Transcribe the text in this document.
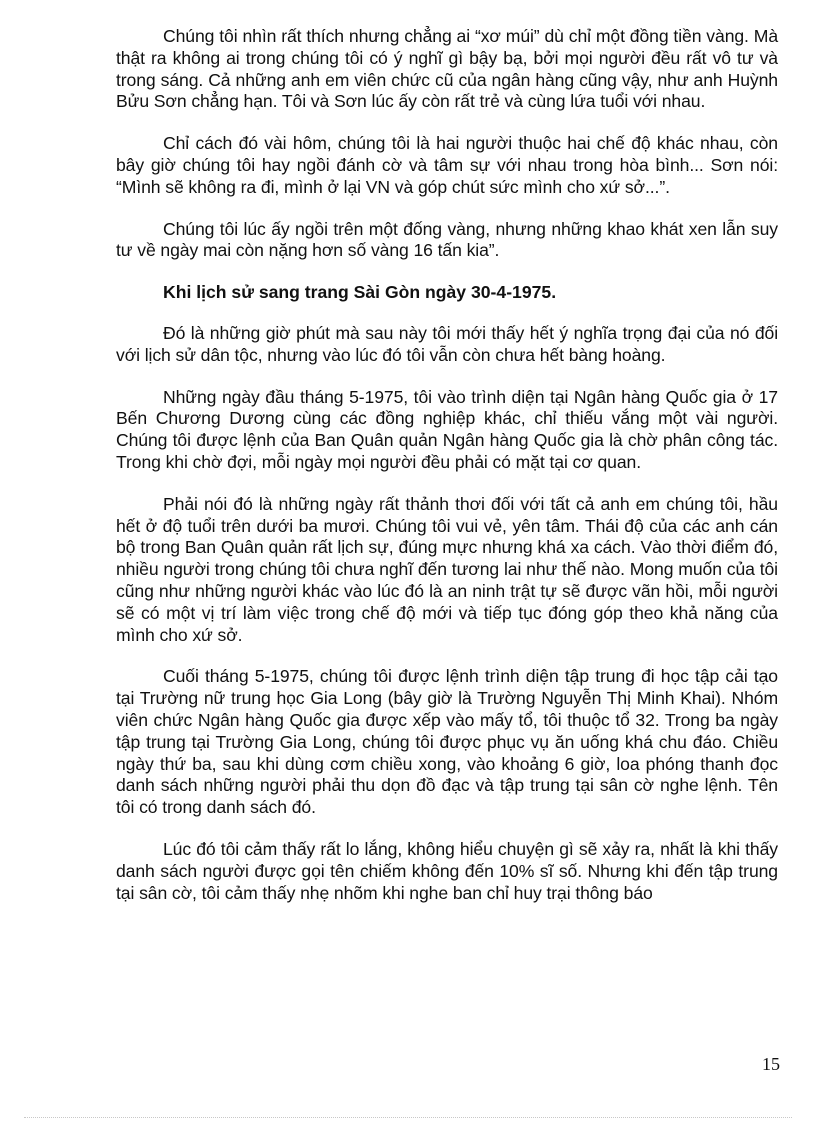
Chúng tôi nhìn rất thích nhưng chẳng ai “xơ múi” dù chỉ một đồng tiền vàng. Mà thật ra không ai trong chúng tôi có ý nghĩ gì bậy bạ, bởi mọi người đều rất vô tư và trong sáng. Cả những anh em viên chức cũ của ngân hàng cũng vậy, như anh Huỳnh Bửu Sơn chẳng hạn. Tôi và Sơn lúc ấy còn rất trẻ và cùng lứa tuổi với nhau.

Chỉ cách đó vài hôm, chúng tôi là hai người thuộc hai chế độ khác nhau, còn bây giờ chúng tôi hay ngồi đánh cờ và tâm sự với nhau trong hòa bình... Sơn nói: “Mình sẽ không ra đi, mình ở lại VN và góp chút sức mình cho xứ sở...”.

Chúng tôi lúc ấy ngồi trên một đống vàng, nhưng những khao khát xen lẫn suy tư về ngày mai còn nặng hơn số vàng 16 tấn kia”.

Khi lịch sử sang trang Sài Gòn ngày 30-4-1975.

Đó là những giờ phút mà sau này tôi mới thấy hết ý nghĩa trọng đại của nó đối với lịch sử dân tộc, nhưng vào lúc đó tôi vẫn còn chưa hết bàng hoàng.

Những ngày đầu tháng 5-1975, tôi vào trình diện tại Ngân hàng Quốc gia ở 17 Bến Chương Dương cùng các đồng nghiệp khác, chỉ thiếu vắng một vài người. Chúng tôi được lệnh của Ban Quân quản Ngân hàng Quốc gia là chờ phân công tác. Trong khi chờ đợi, mỗi ngày mọi người đều phải có mặt tại cơ quan.

Phải nói đó là những ngày rất thảnh thơi đối với tất cả anh em chúng tôi, hầu hết ở độ tuổi trên dưới ba mươi. Chúng tôi vui vẻ, yên tâm. Thái độ của các anh cán bộ trong Ban Quân quản rất lịch sự, đúng mực nhưng khá xa cách. Vào thời điểm đó, nhiều người trong chúng tôi chưa nghĩ đến tương lai như thế nào. Mong muốn của tôi cũng như những người khác vào lúc đó là an ninh trật tự sẽ được vãn hồi, mỗi người sẽ có một vị trí làm việc trong chế độ mới và tiếp tục đóng góp theo khả năng của mình cho xứ sở.

Cuối tháng 5-1975, chúng tôi được lệnh trình diện tập trung đi học tập cải tạo tại Trường nữ trung học Gia Long (bây giờ là Trường Nguyễn Thị Minh Khai). Nhóm viên chức Ngân hàng Quốc gia được xếp vào mấy tổ, tôi thuộc tổ 32. Trong ba ngày tập trung tại Trường Gia Long, chúng tôi được phục vụ ăn uống khá chu đáo. Chiều ngày thứ ba, sau khi dùng cơm chiều xong, vào khoảng 6 giờ, loa phóng thanh đọc danh sách những người phải thu dọn đồ đạc và tập trung tại sân cờ nghe lệnh. Tên tôi có trong danh sách đó.

Lúc đó tôi cảm thấy rất lo lắng, không hiểu chuyện gì sẽ xảy ra, nhất là khi thấy danh sách người được gọi tên chiếm không đến 10% sĩ số. Nhưng khi đến tập trung tại sân cờ, tôi cảm thấy nhẹ nhõm khi nghe ban chỉ huy trại thông báo

15
